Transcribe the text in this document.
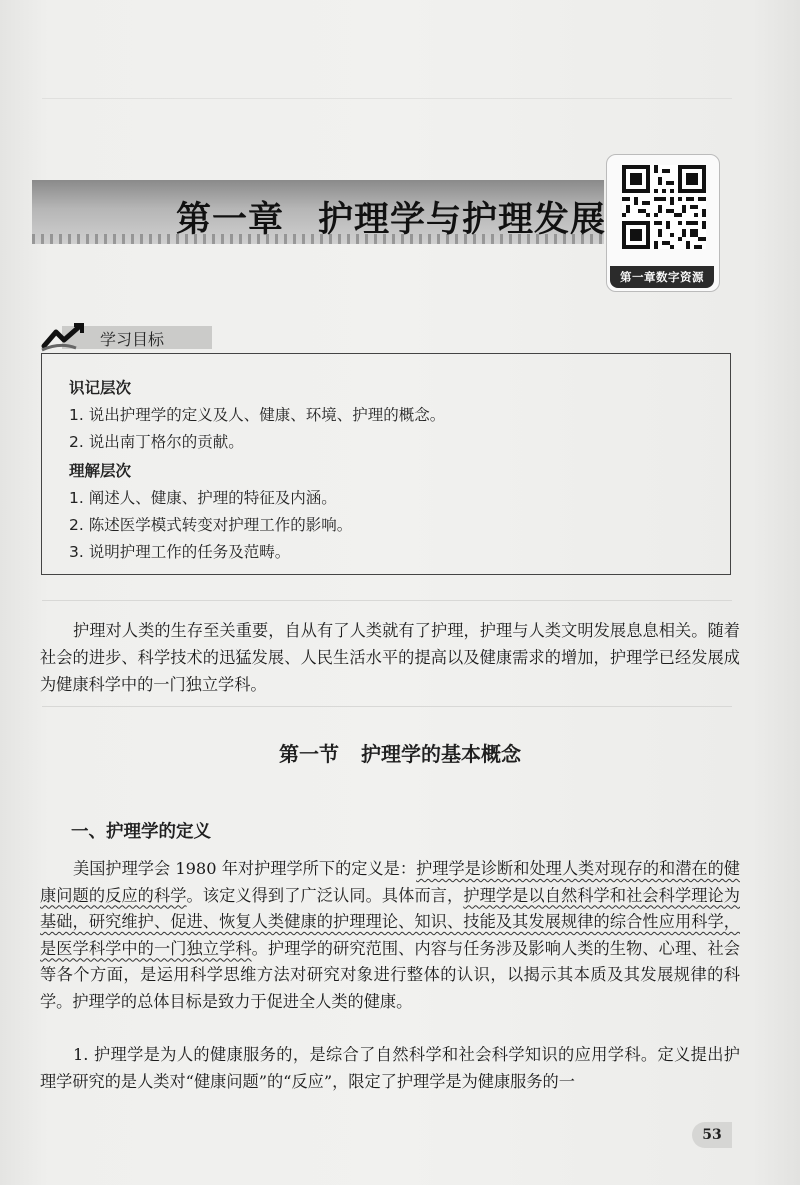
第一章 护理学与护理发展
第一章数字资源
学习目标
识记层次
1. 说出护理学的定义及人、健康、环境、护理的概念。
2. 说出南丁格尔的贡献。
理解层次
1. 阐述人、健康、护理的特征及内涵。
2. 陈述医学模式转变对护理工作的影响。
3. 说明护理工作的任务及范畴。
护理对人类的生存至关重要，自从有了人类就有了护理，护理与人类文明发展息息相关。随着社会的进步、科学技术的迅猛发展、人民生活水平的提高以及健康需求的增加，护理学已经发展成为健康科学中的一门独立学科。
第一节 护理学的基本概念
一、护理学的定义
美国护理学会 1980 年对护理学所下的定义是：护理学是诊断和处理人类对现存的和潜在的健康问题的反应的科学。该定义得到了广泛认同。具体而言，护理学是以自然科学和社会科学理论为基础，研究维护、促进、恢复人类健康的护理理论、知识、技能及其发展规律的综合性应用科学，是医学科学中的一门独立学科。护理学的研究范围、内容与任务涉及影响人类的生物、心理、社会等各个方面，是运用科学思维方法对研究对象进行整体的认识，以揭示其本质及其发展规律的科学。护理学的总体目标是致力于促进全人类的健康。
1. 护理学是为人的健康服务的，是综合了自然科学和社会科学知识的应用学科。定义提出护理学研究的是人类对“健康问题”的“反应”，限定了护理学是为健康服务的一
53
